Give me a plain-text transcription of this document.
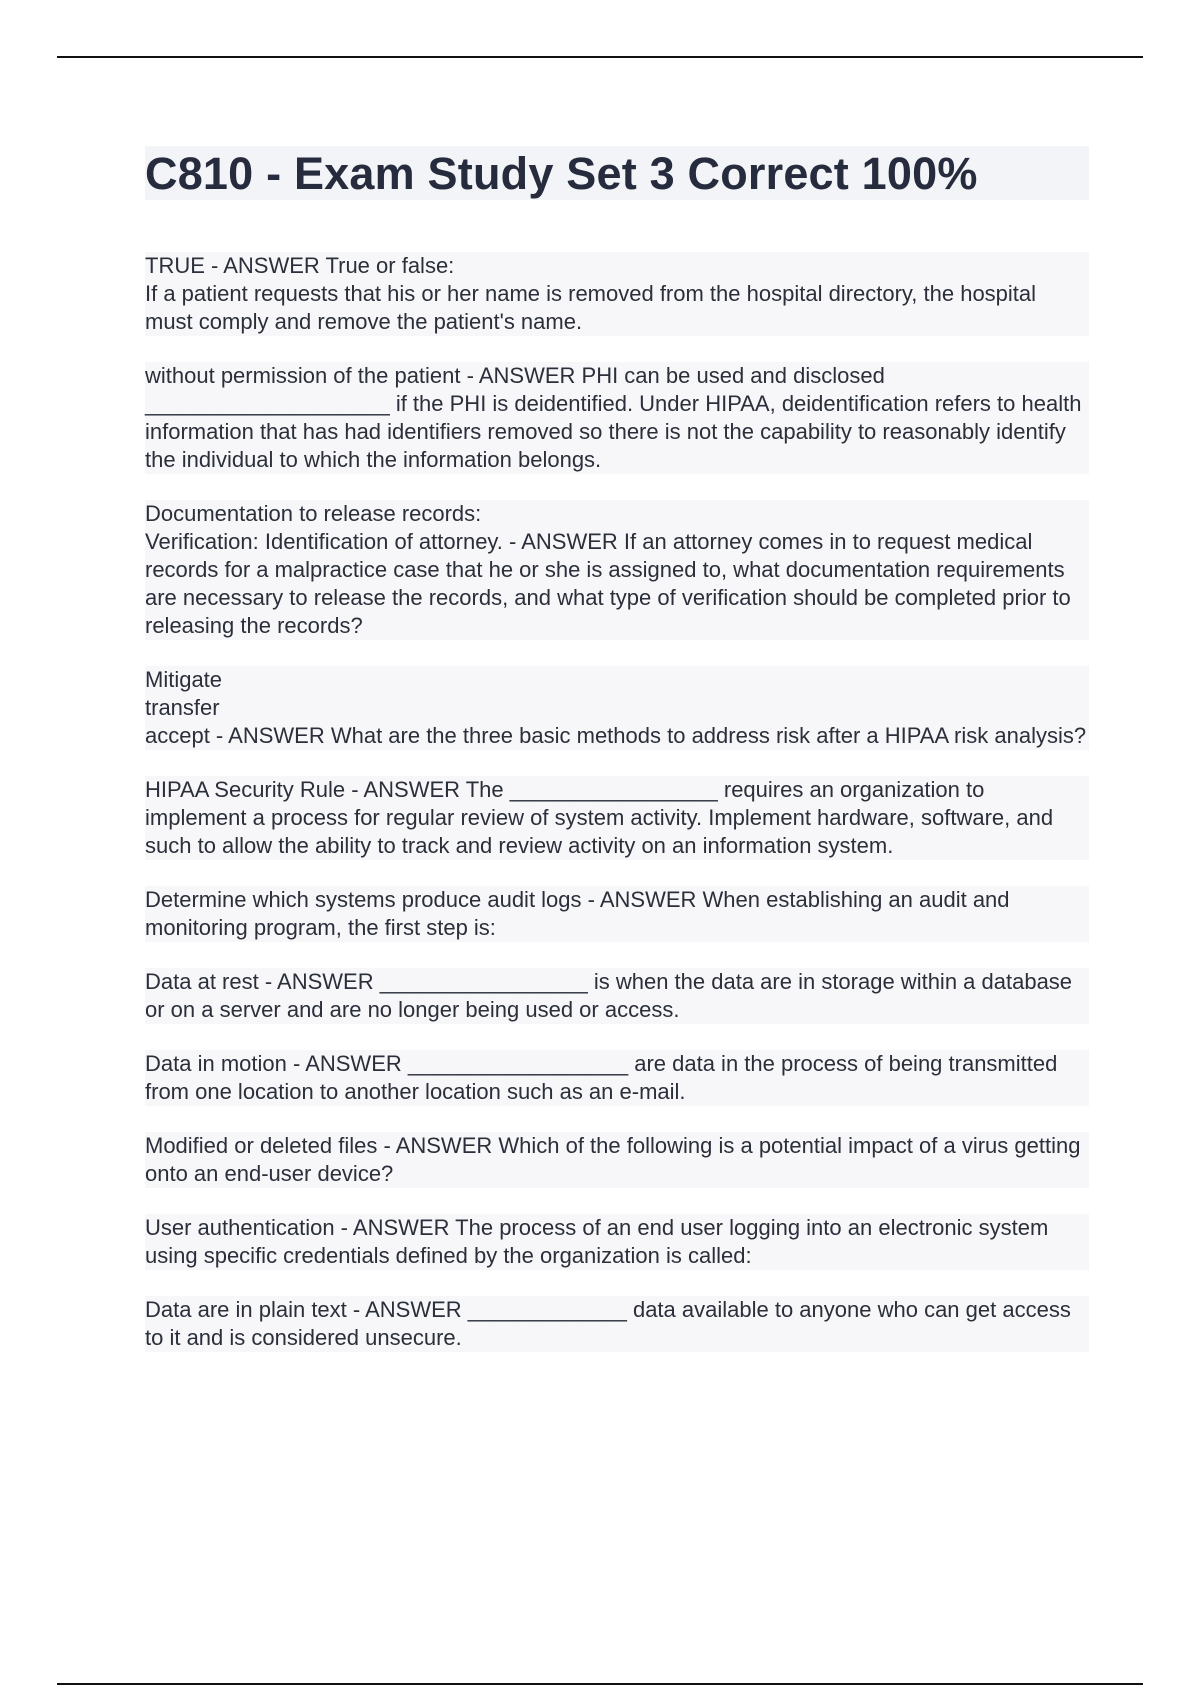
C810 - Exam Study Set 3 Correct 100%

TRUE - ANSWER True or false:
If a patient requests that his or her name is removed from the hospital directory, the hospital must comply and remove the patient's name.

without permission of the patient - ANSWER PHI can be used and disclosed ____________________ if the PHI is deidentified. Under HIPAA, deidentification refers to health information that has had identifiers removed so there is not the capability to reasonably identify the individual to which the information belongs.

Documentation to release records:
Verification: Identification of attorney. - ANSWER If an attorney comes in to request medical records for a malpractice case that he or she is assigned to, what documentation requirements are necessary to release the records, and what type of verification should be completed prior to releasing the records?

Mitigate
transfer
accept - ANSWER What are the three basic methods to address risk after a HIPAA risk analysis?

HIPAA Security Rule - ANSWER The _________________ requires an organization to implement a process for regular review of system activity. Implement hardware, software, and such to allow the ability to track and review activity on an information system.

Determine which systems produce audit logs - ANSWER When establishing an audit and monitoring program, the first step is:

Data at rest - ANSWER _________________ is when the data are in storage within a database or on a server and are no longer being used or access.

Data in motion - ANSWER __________________ are data in the process of being transmitted from one location to another location such as an e-mail.

Modified or deleted files - ANSWER Which of the following is a potential impact of a virus getting onto an end-user device?

User authentication - ANSWER The process of an end user logging into an electronic system using specific credentials defined by the organization is called:

Data are in plain text - ANSWER _____________ data available to anyone who can get access to it and is considered unsecure.
